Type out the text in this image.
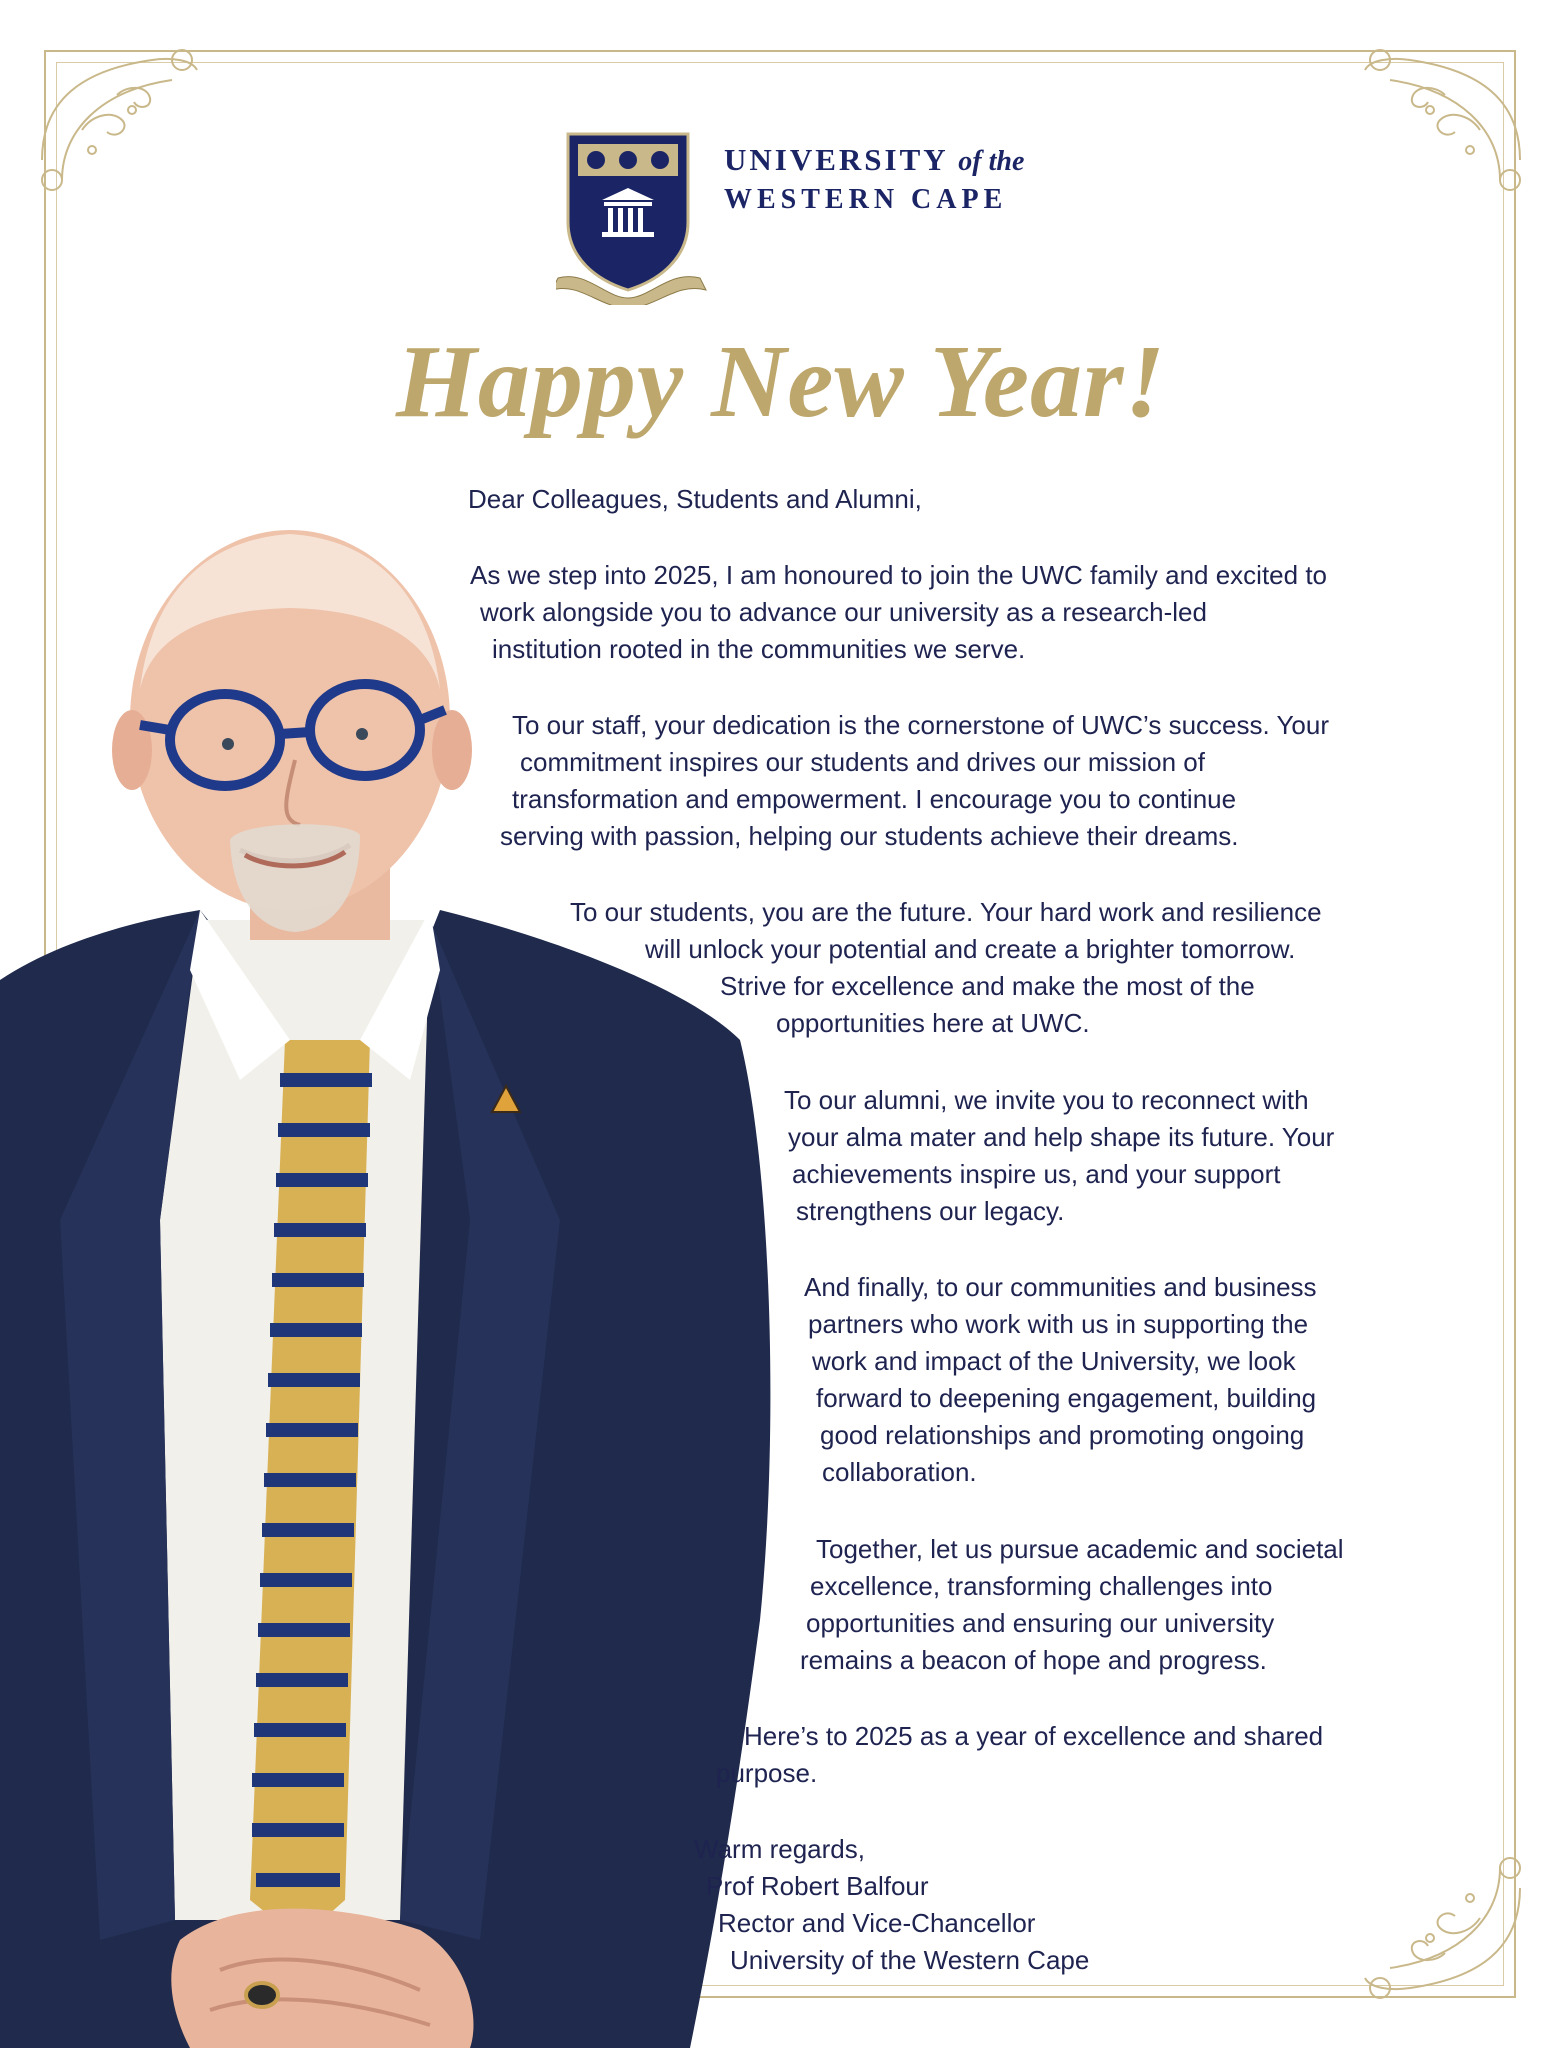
UNIVERSITY of the
WESTERN CAPE
Happy New Year!
Dear Colleagues, Students and Alumni,
As we step into 2025, I am honoured to join the UWC family and excited to
work alongside you to advance our university as a research-led
institution rooted in the communities we serve.
To our staff, your dedication is the cornerstone of UWC’s success. Your
commitment inspires our students and drives our mission of
transformation and empowerment. I encourage you to continue
serving with passion, helping our students achieve their dreams.
To our students, you are the future. Your hard work and resilience
will unlock your potential and create a brighter tomorrow.
Strive for excellence and make the most of the
opportunities here at UWC.
To our alumni, we invite you to reconnect with
your alma mater and help shape its future. Your
achievements inspire us, and your support
strengthens our legacy.
And finally, to our communities and business
partners who work with us in supporting the
work and impact of the University, we look
forward to deepening engagement, building
good relationships and promoting ongoing
collaboration.
Together, let us pursue academic and societal
excellence, transforming challenges into
opportunities and ensuring our university
remains a beacon of hope and progress.
Here’s to 2025 as a year of excellence and shared
purpose.
Warm regards,
Prof Robert Balfour
Rector and Vice-Chancellor
University of the Western Cape
